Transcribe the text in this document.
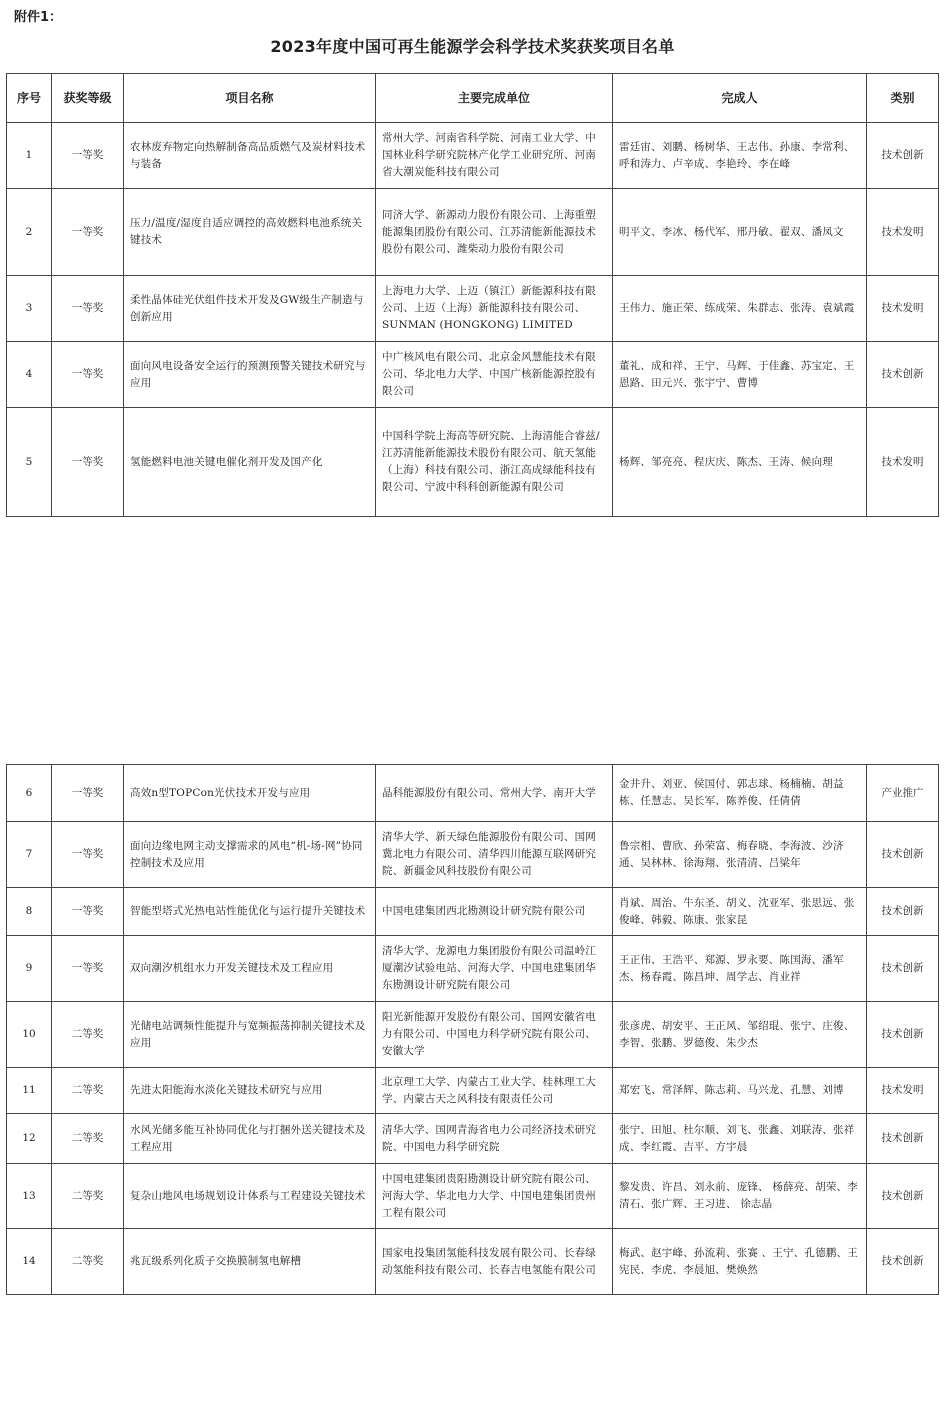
附件1：
2023年度中国可再生能源学会科学技术奖获奖项目名单
序号	获奖等级	项目名称	主要完成单位	完成人	类别
1	一等奖	农林废弃物定向热解制备高品质燃气及炭材料技术与装备	常州大学、河南省科学院、河南工业大学、中国林业科学研究院林产化学工业研究所、河南省大潮炭能科技有限公司	雷廷宙、刘鹏、杨树华、王志伟、孙康、李常利、呼和涛力、卢辛成、李艳玲、李在峰	技术创新
2	一等奖	压力/温度/湿度自适应调控的高效燃料电池系统关键技术	同济大学、新源动力股份有限公司、上海重塑能源集团股份有限公司、江苏清能新能源技术股份有限公司、潍柴动力股份有限公司	明平文、李冰、杨代军、邢丹敏、翟双、潘凤文	技术发明
3	一等奖	柔性晶体硅光伏组件技术开发及GW级生产制造与创新应用	上海电力大学、上迈（镇江）新能源科技有限公司、上迈（上海）新能源科技有限公司、 SUNMAN (HONGKONG) LIMITED	王伟力、施正荣、练成荣、朱群志、张涛、袁斌霞	技术发明
4	一等奖	面向风电设备安全运行的预测预警关键技术研究与应用	中广核风电有限公司、北京金风慧能技术有限公司、华北电力大学、中国广核新能源控股有限公司	董礼、成和祥、王宁、马辉、于佳鑫、苏宝定、王恩路、田元兴、张宇宁、曹博	技术创新
5	一等奖	氢能燃料电池关键电催化剂开发及国产化	中国科学院上海高等研究院、上海清能合睿兹/江苏清能新能源技术股份有限公司、航天氢能（上海）科技有限公司、浙江高成绿能科技有限公司、宁波中科科创新能源有限公司	杨辉、邹亮亮、程庆庆、陈杰、王涛、候向理	技术发明
6	一等奖	高效n型TOPCon光伏技术开发与应用	晶科能源股份有限公司、常州大学、南开大学	金井升、刘亚、侯国付、郭志球、杨楠楠、胡益栋、任慧志、吴长军、陈养俊、任倩倩	产业推广
7	一等奖	面向边缘电网主动支撑需求的风电“机-场-网”协同控制技术及应用	清华大学、新天绿色能源股份有限公司、国网冀北电力有限公司、清华四川能源互联网研究院、新疆金风科技股份有限公司	鲁宗相、曹欣、孙荣富、梅春晓、李海波、沙济通、吴林林、徐海翔、张清清、吕梁年	技术创新
8	一等奖	智能型塔式光热电站性能优化与运行提升关键技术	中国电建集团西北勘测设计研究院有限公司	肖斌、周治、牛东圣、胡义、沈亚军、张思远、张俊峰、韩毅、陈康、张家昆	技术创新
9	一等奖	双向潮汐机组水力开发关键技术及工程应用	清华大学、龙源电力集团股份有限公司温岭江厦潮汐试验电站、河海大学、中国电建集团华东勘测设计研究院有限公司	王正伟、王浩平、郑源、罗永要、陈国海、潘军杰、杨春霞、陈昌坤、周学志、肖业祥	技术创新
10	二等奖	光储电站调频性能提升与宽频振荡抑制关键技术及应用	阳光新能源开发股份有限公司、国网安徽省电力有限公司、中国电力科学研究院有限公司、安徽大学	张彦虎、胡安平、王正风、邹绍琨、张宁、庄俊、李智、张鹏、罗德俊、朱少杰	技术创新
11	二等奖	先进太阳能海水淡化关键技术研究与应用	北京理工大学、内蒙古工业大学、桂林理工大学、内蒙古天之风科技有限责任公司	郑宏飞、常泽辉、陈志莉、马兴龙、孔慧、刘博	技术发明
12	二等奖	水风光储多能互补协同优化与打捆外送关键技术及工程应用	清华大学、国网青海省电力公司经济技术研究院、中国电力科学研究院	张宁、田旭、杜尔顺、刘飞、张鑫、刘联涛、张祥成、李红霞、吉平、方宇晨	技术创新
13	二等奖	复杂山地风电场规划设计体系与工程建设关键技术	中国电建集团贵阳勘测设计研究院有限公司、河海大学、华北电力大学、中国电建集团贵州工程有限公司	黎发贵、许昌、刘永前、庞锋、 杨薛亮、胡荣、李清石、张广辉、王习进、 徐志晶	技术创新
14	二等奖	兆瓦级系列化质子交换膜制氢电解槽	国家电投集团氢能科技发展有限公司、长春绿动氢能科技有限公司、长春吉电氢能有限公司	梅武、赵宇峰、孙流莉、张赛 、王宁、孔德鹏、王宪民、李虎、李晨旭、樊焕然	技术创新
